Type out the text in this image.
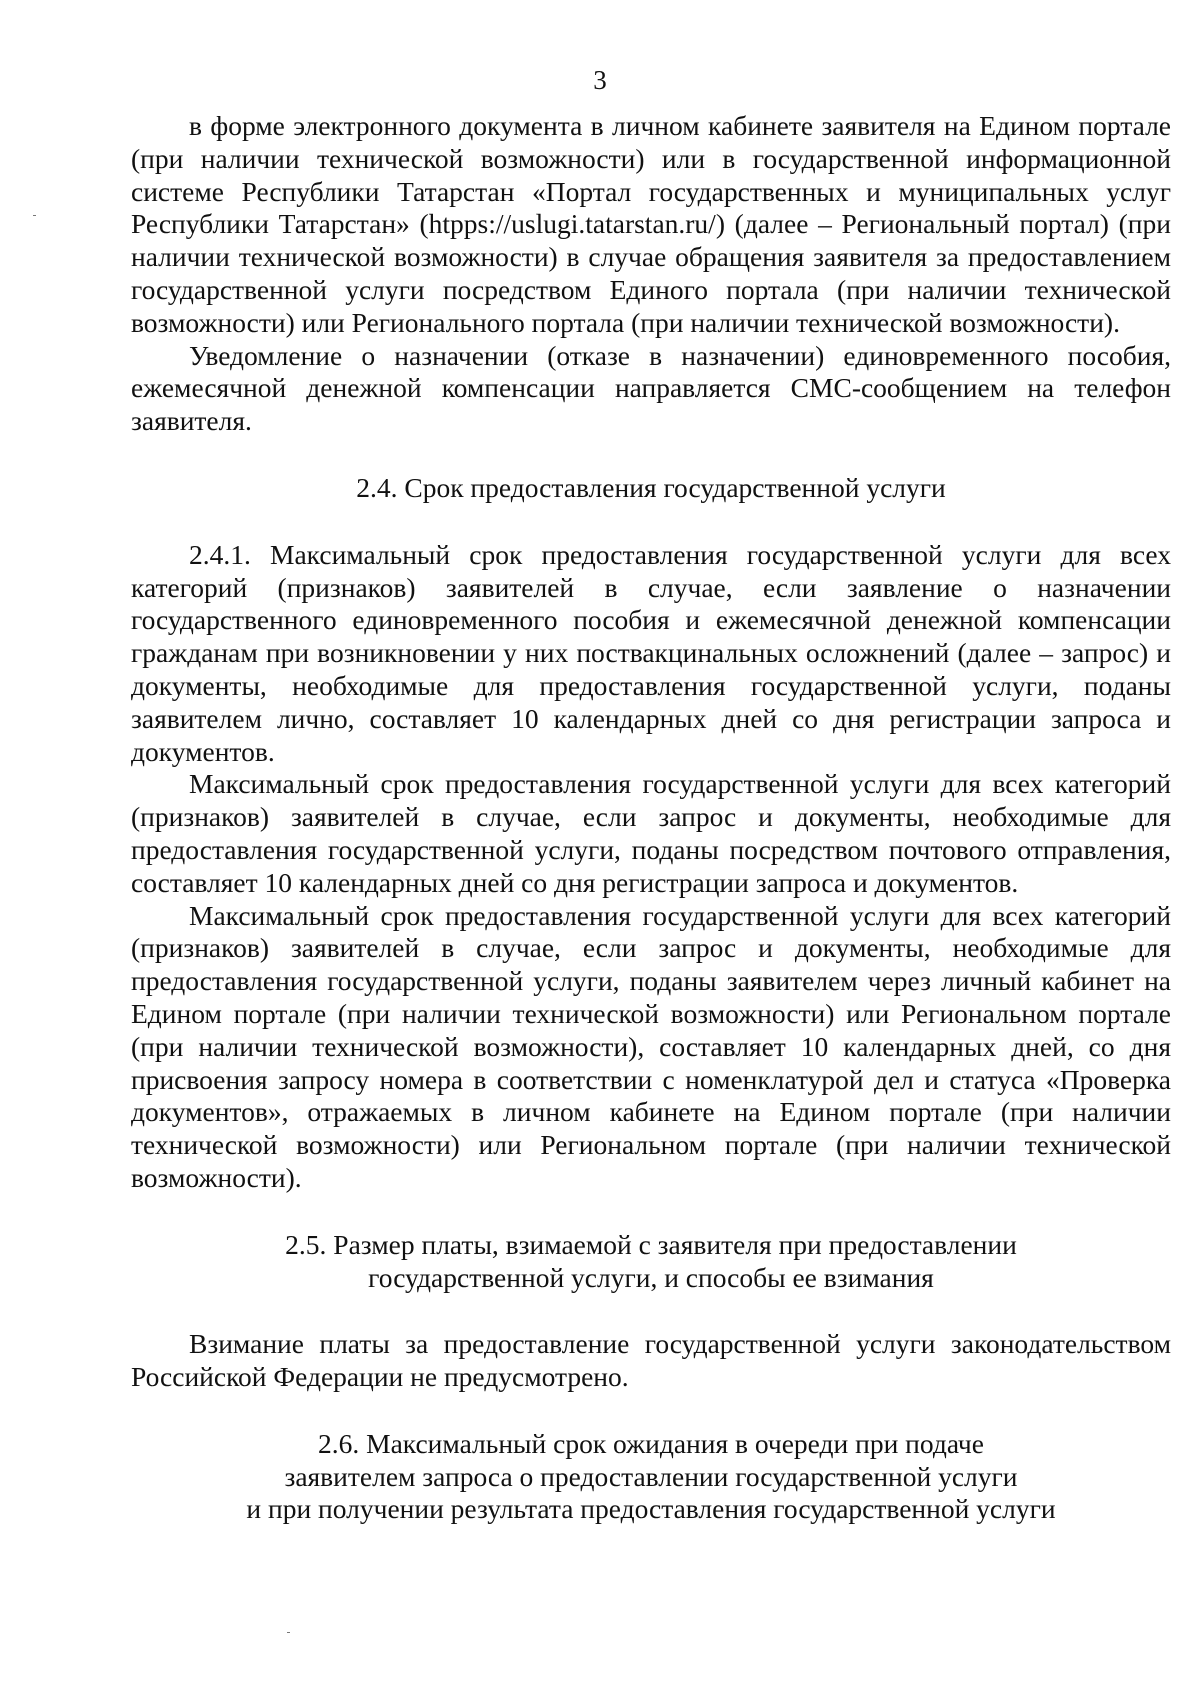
3

в форме электронного документа в личном кабинете заявителя на Едином портале (при наличии технической возможности) или в государственной информационной системе Республики Татарстан «Портал государственных и муниципальных услуг Республики Татарстан» (htpps://uslugi.tatarstan.ru/) (далее – Региональный портал) (при наличии технической возможности) в случае обращения заявителя за предоставлением государственной услуги посредством Единого портала (при наличии технической возможности) или Регионального портала (при наличии технической возможности).

Уведомление о назначении (отказе в назначении) единовременного пособия, ежемесячной денежной компенсации направляется СМС-сообщением на телефон заявителя.

2.4. Срок предоставления государственной услуги

2.4.1. Максимальный срок предоставления государственной услуги для всех категорий (признаков) заявителей в случае, если заявление о назначении государственного единовременного пособия и ежемесячной денежной компенсации гражданам при возникновении у них поствакцинальных осложнений (далее – запрос) и документы, необходимые для предоставления государственной услуги, поданы заявителем лично, составляет 10 календарных дней со дня регистрации запроса и документов.

Максимальный срок предоставления государственной услуги для всех категорий (признаков) заявителей в случае, если запрос и документы, необходимые для предоставления государственной услуги, поданы посредством почтового отправления, составляет 10 календарных дней со дня регистрации запроса и документов.

Максимальный срок предоставления государственной услуги для всех категорий (признаков) заявителей в случае, если запрос и документы, необходимые для предоставления государственной услуги, поданы заявителем через личный кабинет на Едином портале (при наличии технической возможности) или Региональном портале (при наличии технической возможности), составляет 10 календарных дней, со дня присвоения запросу номера в соответствии с номенклатурой дел и статуса «Проверка документов», отражаемых в личном кабинете на Едином портале (при наличии технической возможности) или Региональном портале (при наличии технической возможности).

2.5. Размер платы, взимаемой с заявителя при предоставлении
государственной услуги, и способы ее взимания

Взимание платы за предоставление государственной услуги законодательством Российской Федерации не предусмотрено.

2.6. Максимальный срок ожидания в очереди при подаче
заявителем запроса о предоставлении государственной услуги
и при получении результата предоставления государственной услуги
